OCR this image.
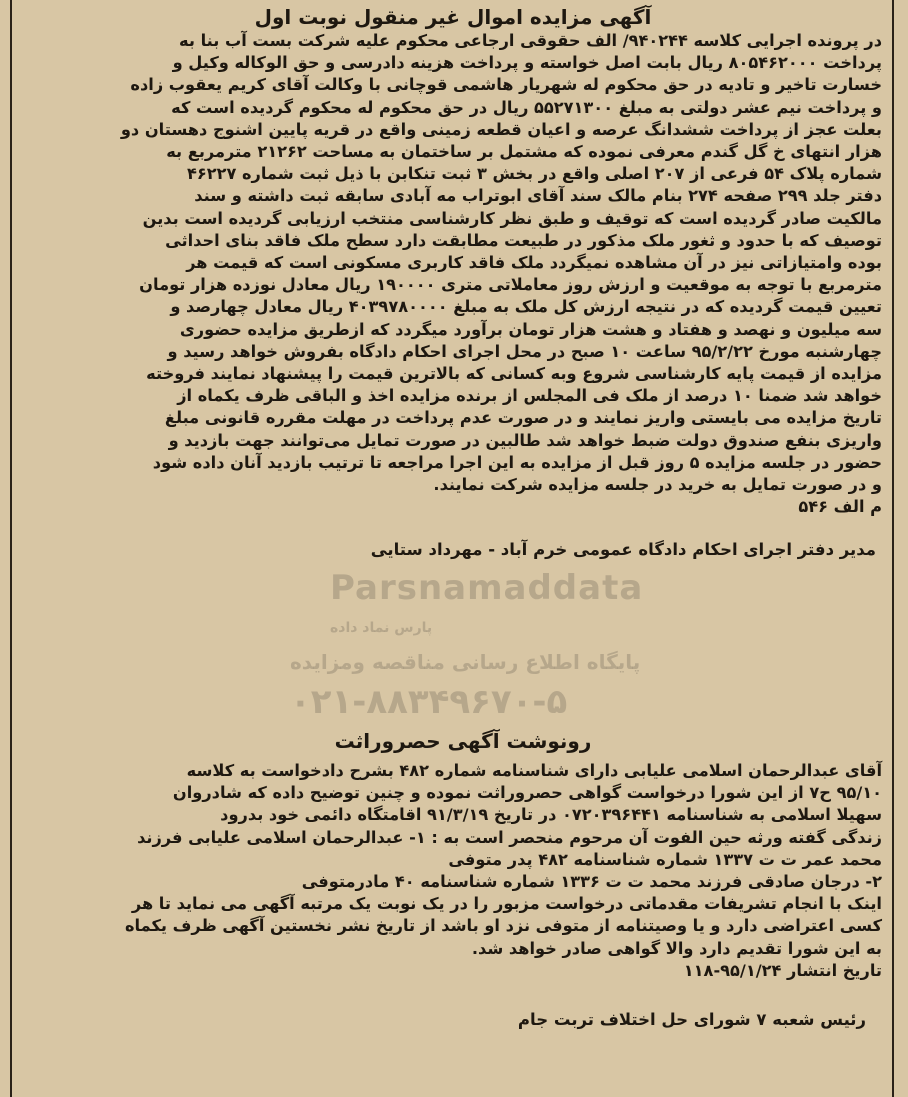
آگهی مزایده اموال غیر منقول نوبت اول

در پرونده اجرایی کلاسه ۹۴۰۲۴۴/ الف حقوقی ارجاعی محکوم علیه شرکت بست آب بنا به
پرداخت ۸۰۵۴۶۲۰۰۰ ریال بابت اصل خواسته و پرداخت هزینه دادرسی و حق الوکاله وکیل و
خسارت تاخیر و تادیه در حق محکوم له شهریار هاشمی قوچانی با وکالت آقای کریم یعقوب زاده
و پرداخت نیم عشر دولتی به مبلغ ۵۵۲۷۱۳۰۰ ریال در حق محکوم له محکوم گردیده است که
بعلت عجز از پرداخت ششدانگ عرصه و اعیان قطعه زمینی واقع در قریه پایین اشنوج دهستان دو
هزار انتهای خ گل گندم معرفی نموده که مشتمل بر ساختمان به مساحت ۲۱۲۶۲ مترمربع به
شماره پلاک ۵۴ فرعی از ۲۰۷ اصلی واقع در بخش ۳ ثبت تنکابن با ذیل ثبت شماره ۴۶۲۲۷
دفتر جلد ۲۹۹ صفحه ۲۷۴ بنام مالک سند آقای ابوتراب مه آبادی سابقه ثبت داشته و سند
مالکیت صادر گردیده است که توقیف و طبق نظر کارشناسی منتخب ارزیابی گردیده است بدین
توصیف که با حدود و ثغور ملک مذکور در طبیعت مطابقت دارد سطح ملک فاقد بنای احداثی
بوده وامتیازاتی نیز در آن مشاهده نمیگردد ملک فاقد کاربری مسکونی است که قیمت هر
مترمربع با توجه به موقعیت و ارزش روز معاملاتی متری ۱۹۰۰۰۰ ریال معادل نوزده هزار تومان
تعیین قیمت گردیده که در نتیجه ارزش کل ملک به مبلغ ۴۰۳۹۷۸۰۰۰۰ ریال معادل چهارصد و
سه میلیون و نهصد و هفتاد و هشت هزار تومان برآورد میگردد که ازطریق مزایده حضوری
چهارشنبه مورخ ۹۵/۲/۲۲ ساعت ۱۰ صبح در محل اجرای احکام دادگاه بفروش خواهد رسید و
مزایده از قیمت پایه کارشناسی شروع وبه کسانی که بالاترین قیمت را پیشنهاد نمایند فروخته
خواهد شد ضمنا ۱۰ درصد از ملک فی المجلس از برنده مزایده اخذ و الباقی ظرف یکماه از
تاریخ مزایده می بایستی واریز نمایند و در صورت عدم پرداخت در مهلت مقرره قانونی مبلغ
واریزی بنفع صندوق دولت ضبط خواهد شد طالبین در صورت تمایل می‌توانند جهت بازدید و
حضور در جلسه مزایده ۵ روز قبل از مزایده به این اجرا مراجعه تا ترتیب بازدید آنان داده شود
و در صورت تمایل به خرید در جلسه مزایده شرکت نمایند.
م الف ۵۴۶

مدیر دفتر اجرای احکام دادگاه عمومی خرم آباد - مهرداد ستایی

Parsnamaddata
پارس نماد داده
پایگاه اطلاع رسانی مناقصه ومزایده
۰۲۱-۸۸۳۴۹۶۷۰-۵

رونوشت آگهی حصروراثت

آقای عبدالرحمان اسلامی علیابی دارای شناسنامه شماره ۴۸۲ بشرح دادخواست به کلاسه
۹۵/۱۰ ح۷ از این شورا درخواست گواهی حصروراثت نموده و چنین توضیح داده که شادروان
سهیلا اسلامی به شناسنامه ۰۷۲۰۳۹۶۴۴۱ در تاریخ ۹۱/۳/۱۹ اقامتگاه دائمی خود بدرود
زندگی گفته ورثه حین الفوت آن مرحوم منحصر است به : ۱- عبدالرحمان اسلامی علیابی فرزند
محمد عمر ت ت ۱۳۳۷ شماره شناسنامه ۴۸۲ پدر متوفی
۲- درجان صادقی فرزند محمد ت ت ۱۳۳۶ شماره شناسنامه ۴۰ مادرمتوفی
اینک با انجام تشریفات مقدماتی درخواست مزبور را در یک نوبت یک مرتبه آگهی می نماید تا هر
کسی اعتراضی دارد و یا وصیتنامه از متوفی نزد او باشد از تاریخ نشر نخستین آگهی ظرف یکماه
به این شورا تقدیم دارد والا گواهی صادر خواهد شد.
تاریخ انتشار ۹۵/۱/۲۴-۱۱۸

رئیس شعبه ۷ شورای حل اختلاف تربت جام
